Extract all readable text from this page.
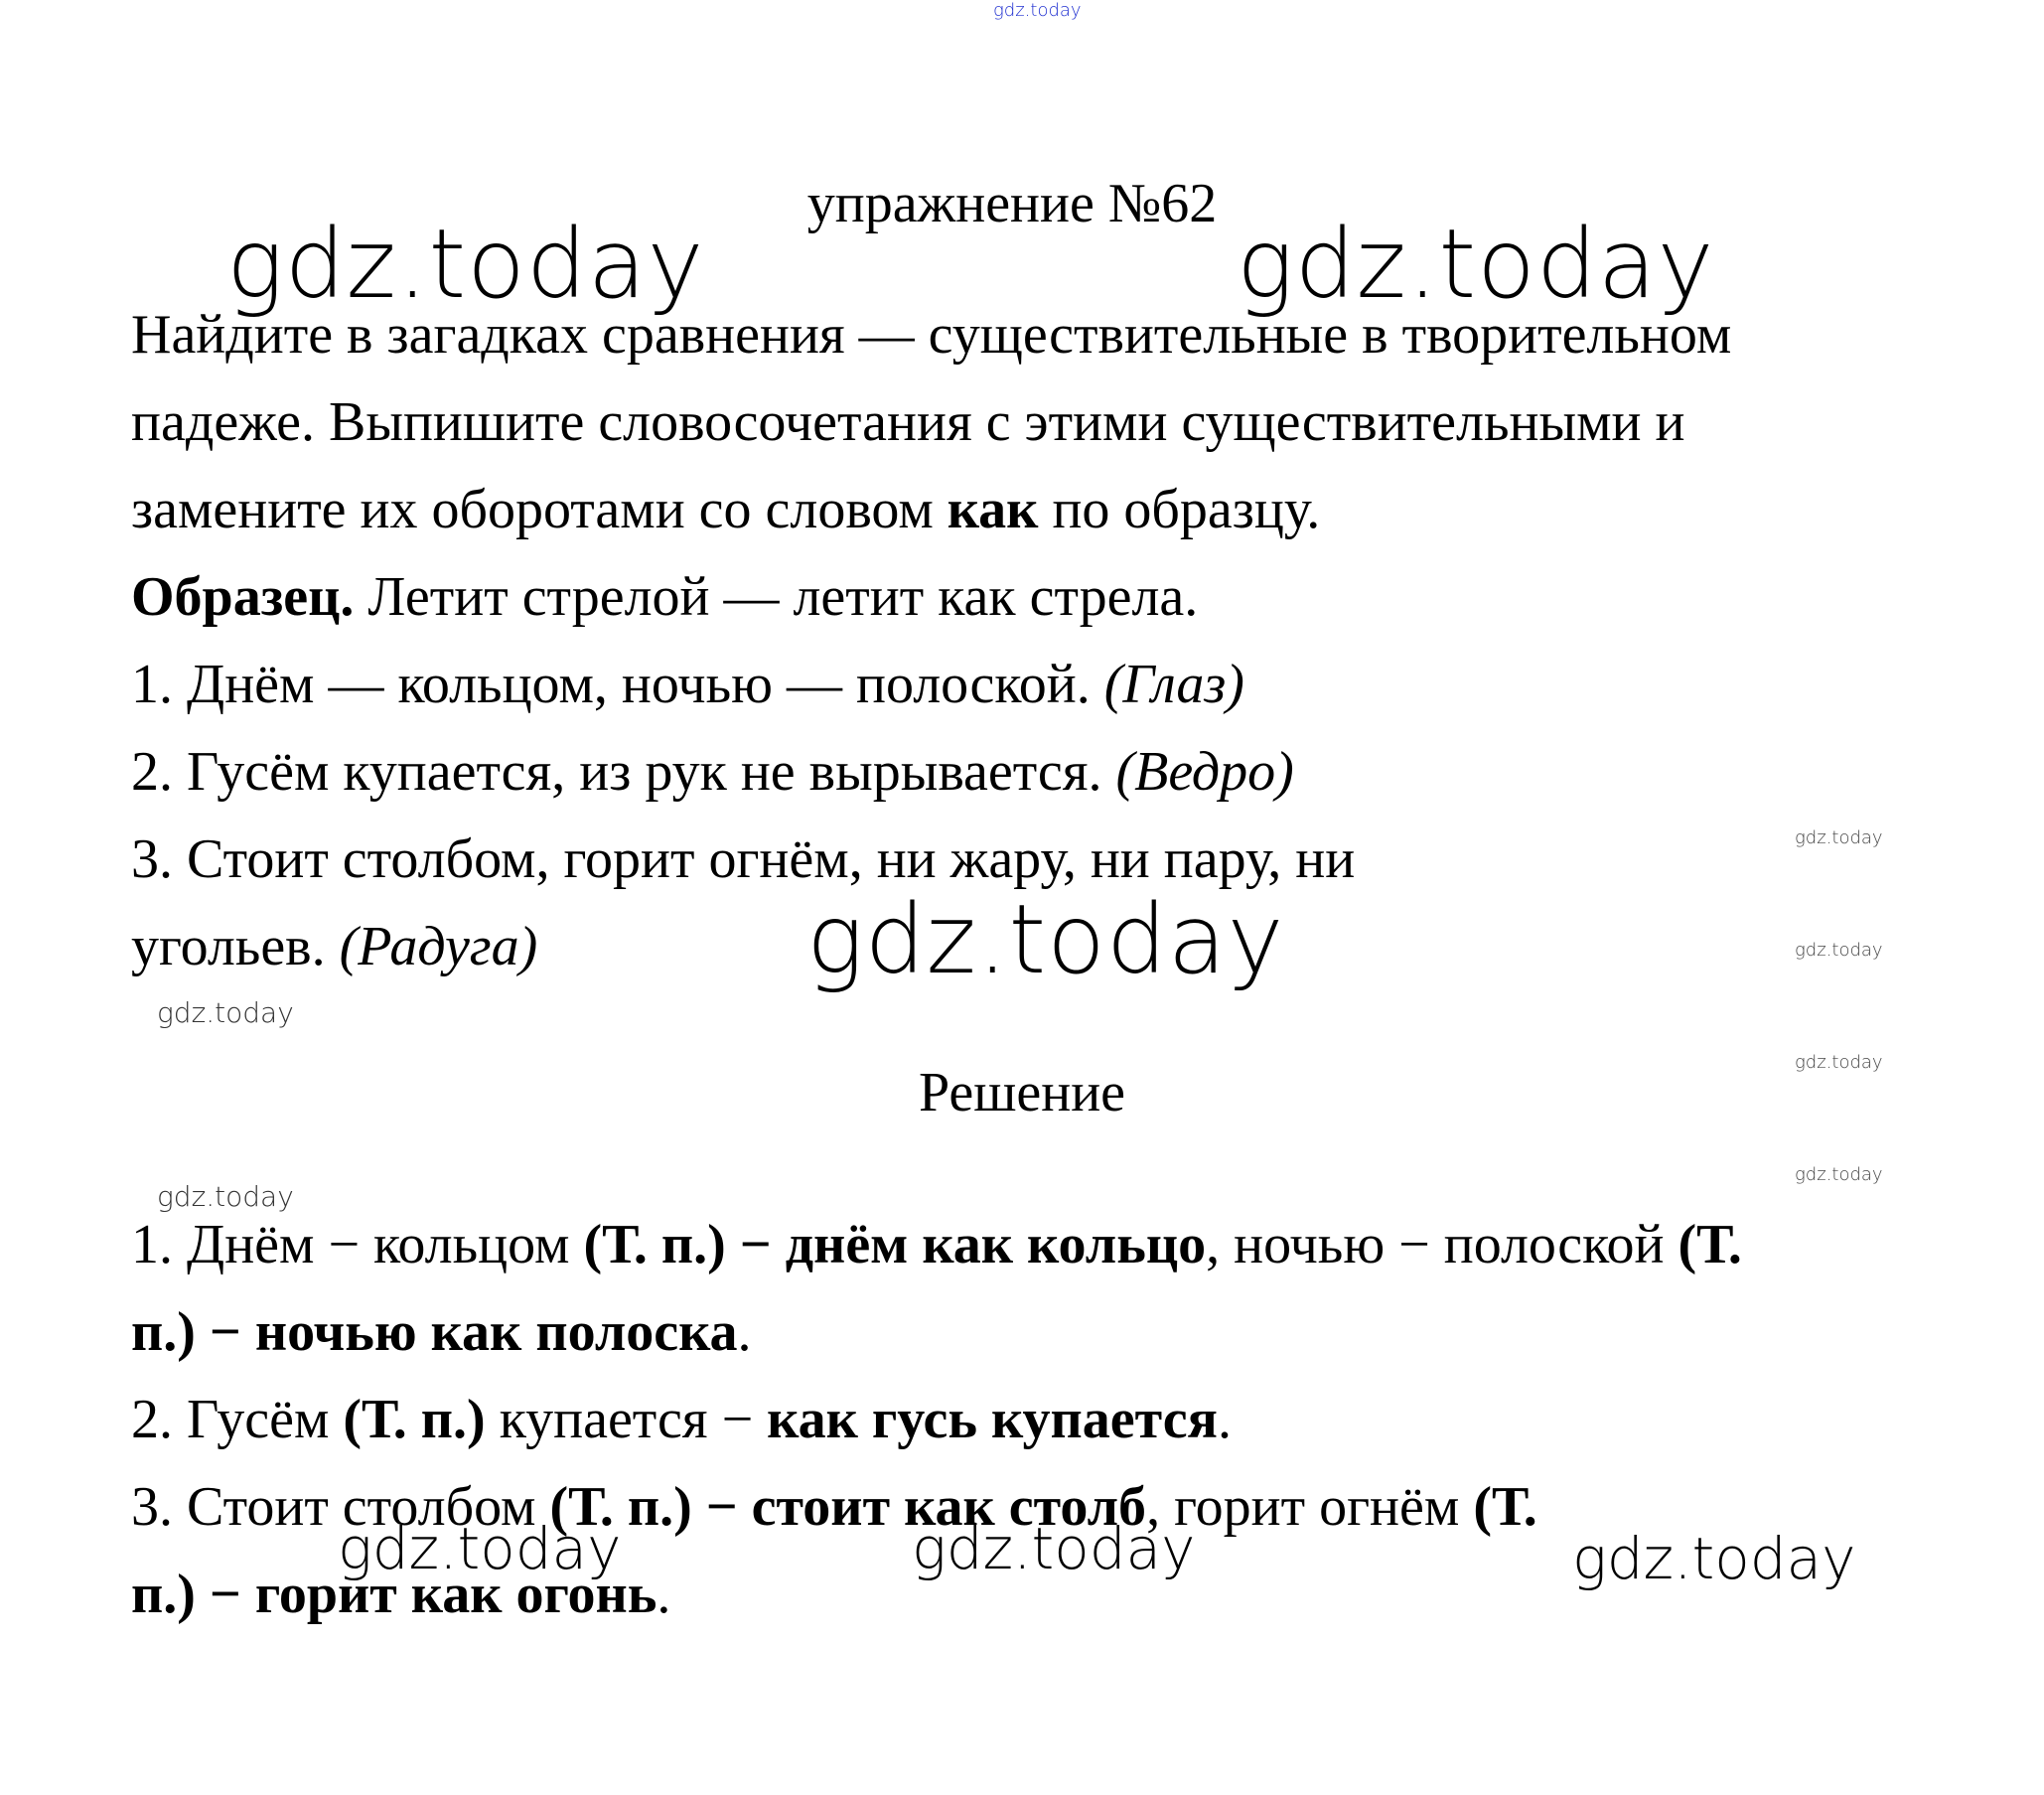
gdz.today
gdz.today	gdz.today
gdz.today
gdz.today
gdz.today
gdz.today
gdz.today
gdz.today
gdz.today
gdz.today	gdz.today	gdz.today
упражнение №62
Найдите в загадках сравнения — существительные в творительном
падеже. Выпишите словосочетания с этими существительными и
замените их оборотами со словом как по образцу.
Образец. Летит стрелой — летит как стрела.
1. Днём — кольцом, ночью — полоской. (Глаз)
2. Гусём купается, из рук не вырывается. (Ведро)
3. Стоит столбом, горит огнём, ни жару, ни пару, ни
угольев. (Радуга)
Решение
1. Днём − кольцом (Т. п.) − днём как кольцо, ночью − полоской (Т.
п.) − ночью как полоска.
2. Гусём (Т. п.) купается − как гусь купается.
3. Стоит столбом (Т. п.) − стоит как столб, горит огнём (Т.
п.) − горит как огонь.
